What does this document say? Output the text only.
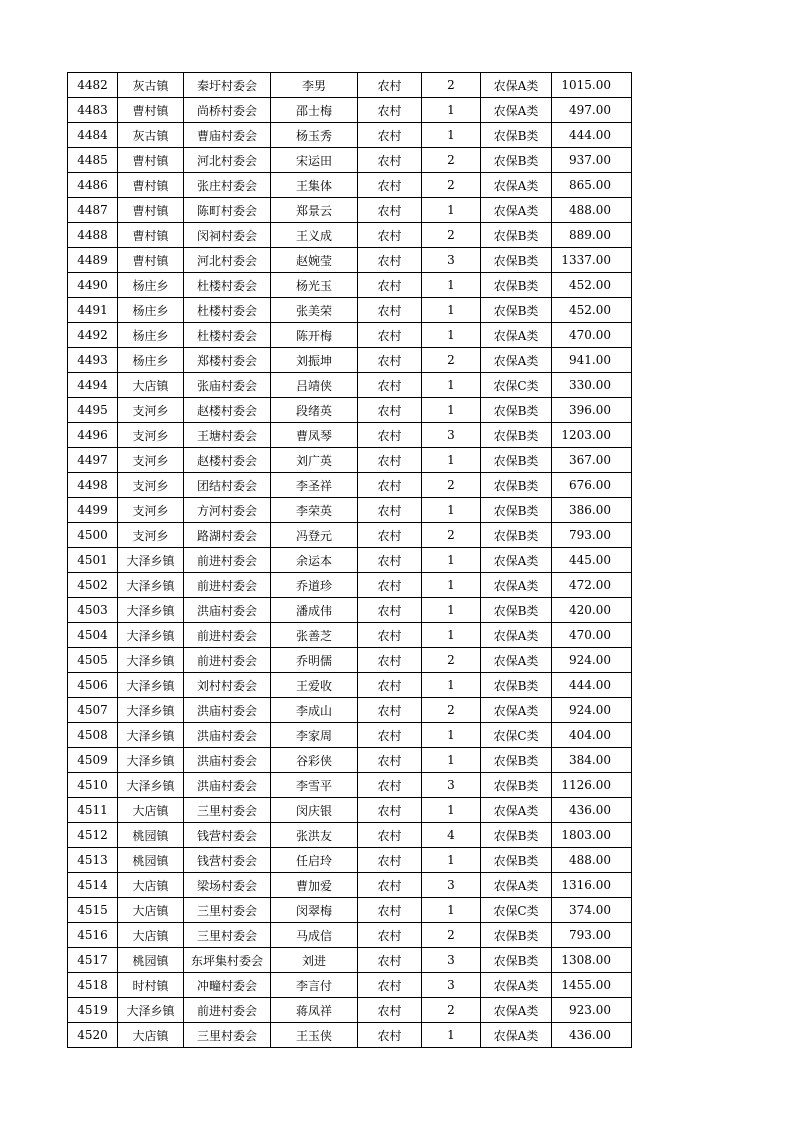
4482	灰古镇	秦圩村委会	李男	农村	2	农保A类	1015.00
4483	曹村镇	尚桥村委会	邵士梅	农村	1	农保A类	497.00
4484	灰古镇	曹庙村委会	杨玉秀	农村	1	农保B类	444.00
4485	曹村镇	河北村委会	宋运田	农村	2	农保B类	937.00
4486	曹村镇	张庄村委会	王集体	农村	2	农保A类	865.00
4487	曹村镇	陈町村委会	郑景云	农村	1	农保A类	488.00
4488	曹村镇	闵祠村委会	王义成	农村	2	农保B类	889.00
4489	曹村镇	河北村委会	赵婉莹	农村	3	农保B类	1337.00
4490	杨庄乡	杜楼村委会	杨光玉	农村	1	农保B类	452.00
4491	杨庄乡	杜楼村委会	张美荣	农村	1	农保B类	452.00
4492	杨庄乡	杜楼村委会	陈开梅	农村	1	农保A类	470.00
4493	杨庄乡	郑楼村委会	刘振坤	农村	2	农保A类	941.00
4494	大店镇	张庙村委会	吕靖侠	农村	1	农保C类	330.00
4495	支河乡	赵楼村委会	段绪英	农村	1	农保B类	396.00
4496	支河乡	王塘村委会	曹凤琴	农村	3	农保B类	1203.00
4497	支河乡	赵楼村委会	刘广英	农村	1	农保B类	367.00
4498	支河乡	团结村委会	李圣祥	农村	2	农保B类	676.00
4499	支河乡	方河村委会	李荣英	农村	1	农保B类	386.00
4500	支河乡	路湖村委会	冯登元	农村	2	农保B类	793.00
4501	大泽乡镇	前进村委会	余运本	农村	1	农保A类	445.00
4502	大泽乡镇	前进村委会	乔道珍	农村	1	农保A类	472.00
4503	大泽乡镇	洪庙村委会	潘成伟	农村	1	农保B类	420.00
4504	大泽乡镇	前进村委会	张善芝	农村	1	农保A类	470.00
4505	大泽乡镇	前进村委会	乔明儒	农村	2	农保A类	924.00
4506	大泽乡镇	刘村村委会	王爱收	农村	1	农保B类	444.00
4507	大泽乡镇	洪庙村委会	李成山	农村	2	农保A类	924.00
4508	大泽乡镇	洪庙村委会	李家周	农村	1	农保C类	404.00
4509	大泽乡镇	洪庙村委会	谷彩侠	农村	1	农保B类	384.00
4510	大泽乡镇	洪庙村委会	李雪平	农村	3	农保B类	1126.00
4511	大店镇	三里村委会	闵庆银	农村	1	农保A类	436.00
4512	桃园镇	钱营村委会	张洪友	农村	4	农保B类	1803.00
4513	桃园镇	钱营村委会	任启玲	农村	1	农保B类	488.00
4514	大店镇	梁场村委会	曹加爱	农村	3	农保A类	1316.00
4515	大店镇	三里村委会	闵翠梅	农村	1	农保C类	374.00
4516	大店镇	三里村委会	马成信	农村	2	农保B类	793.00
4517	桃园镇	东坪集村委会	刘进	农村	3	农保B类	1308.00
4518	时村镇	冲疃村委会	李言付	农村	3	农保A类	1455.00
4519	大泽乡镇	前进村委会	蒋凤祥	农村	2	农保A类	923.00
4520	大店镇	三里村委会	王玉侠	农村	1	农保A类	436.00
